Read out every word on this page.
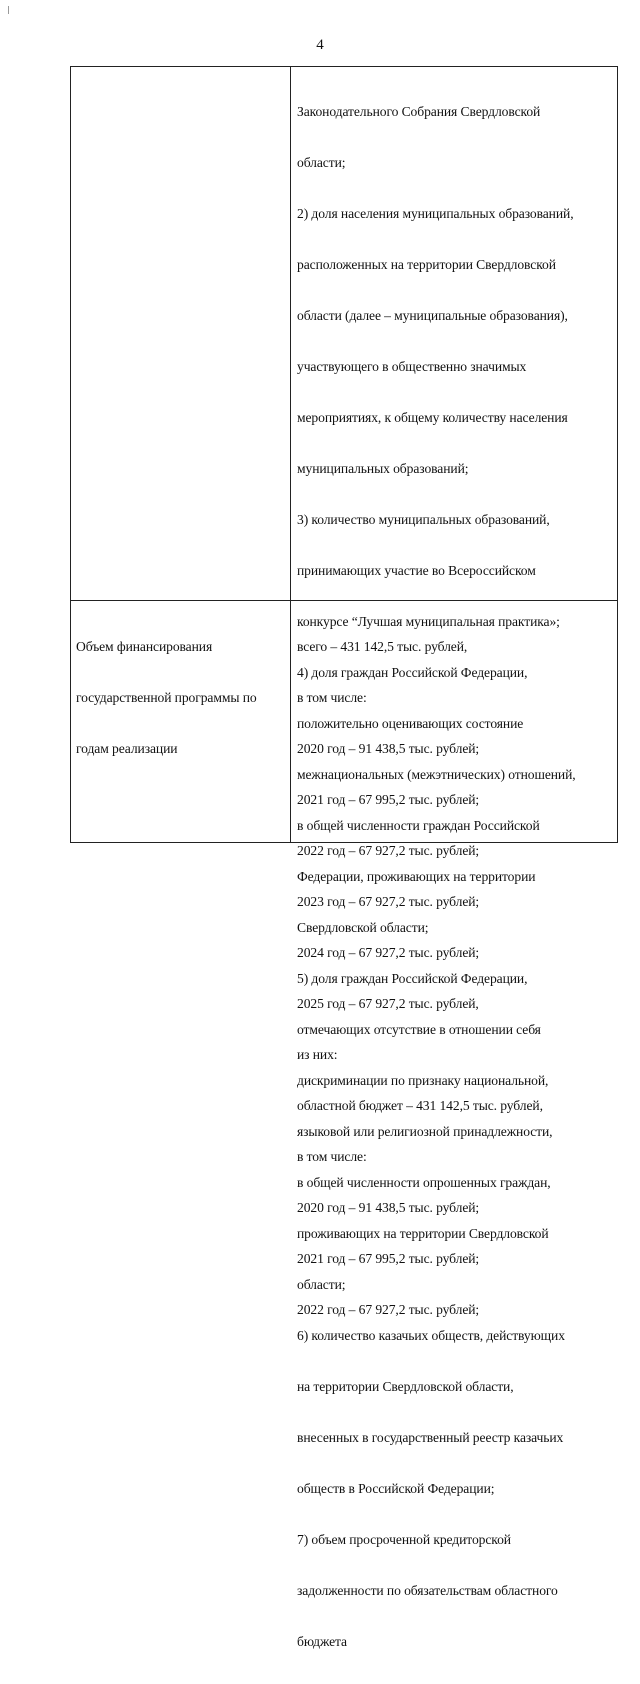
4

Законодательного Собрания Свердловской

области;

2) доля населения муниципальных образований,

расположенных на территории Свердловской

области (далее – муниципальные образования),

участвующего в общественно значимых

мероприятиях, к общему количеству населения

муниципальных образований;

3) количество муниципальных образований,

принимающих участие во Всероссийском

конкурсе “Лучшая муниципальная практика»;

4) доля граждан Российской Федерации,

положительно оценивающих состояние

межнациональных (межэтнических) отношений,

в общей численности граждан Российской

Федерации, проживающих на территории

Свердловской области;

5) доля граждан Российской Федерации,

отмечающих отсутствие в отношении себя

дискриминации по признаку национальной,

языковой или религиозной принадлежности,

в общей численности опрошенных граждан,

проживающих на территории Свердловской

области;

6) количество казачьих обществ, действующих

на территории Свердловской области,

внесенных в государственный реестр казачьих

обществ в Российской Федерации;

7) объем просроченной кредиторской

задолженности по обязательствам областного

бюджета

Объем финансирования

государственной программы по

годам реализации

всего – 431 142,5 тыс. рублей,

в том числе:

2020 год – 91 438,5 тыс. рублей;

2021 год – 67 995,2 тыс. рублей;

2022 год – 67 927,2 тыс. рублей;

2023 год – 67 927,2 тыс. рублей;

2024 год – 67 927,2 тыс. рублей;

2025 год – 67 927,2 тыс. рублей,

из них:

областной бюджет – 431 142,5 тыс. рублей,

в том числе:

2020 год – 91 438,5 тыс. рублей;

2021 год – 67 995,2 тыс. рублей;

2022 год – 67 927,2 тыс. рублей;
